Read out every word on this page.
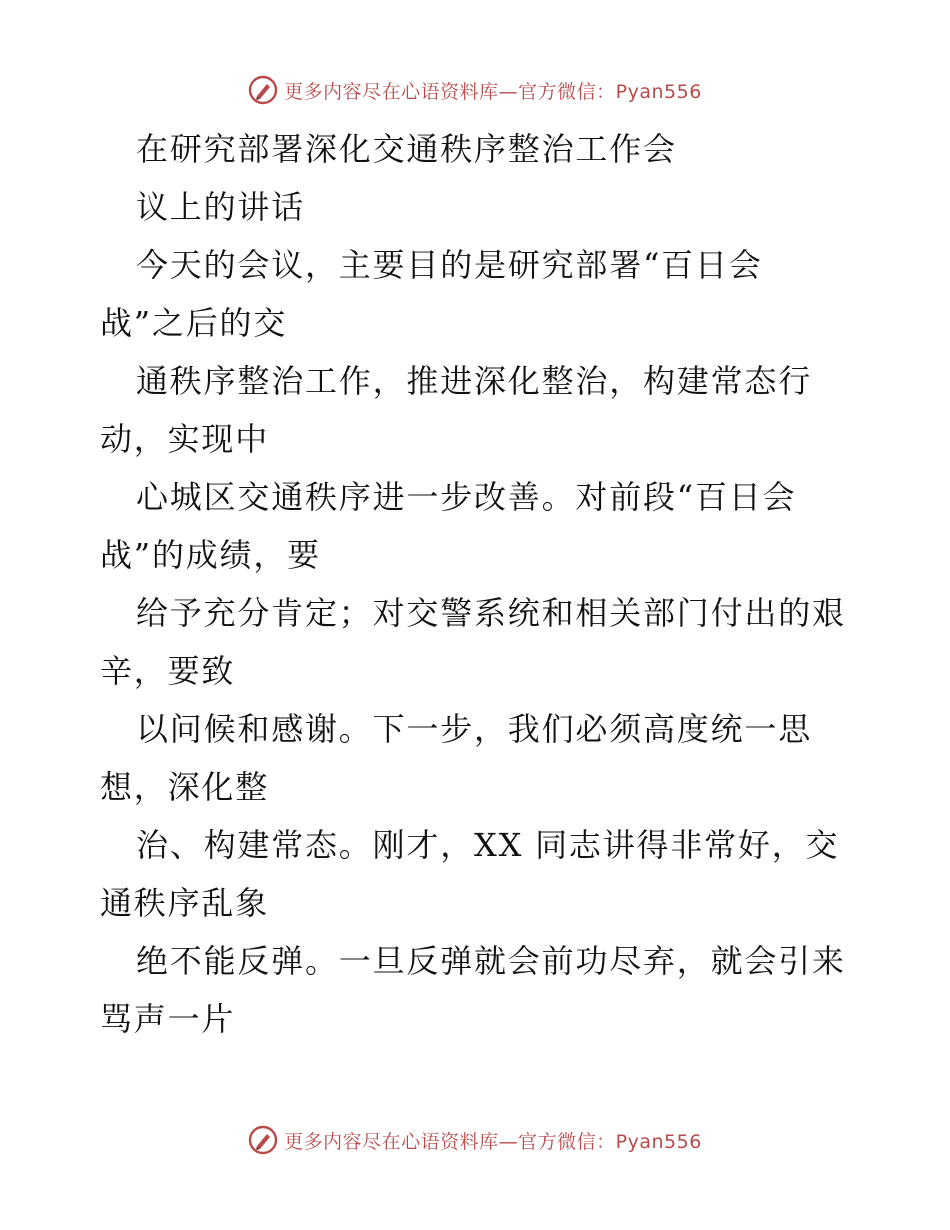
更多内容尽在心语资料库—官方微信：Pyan556
在研究部署深化交通秩序整治工作会
议上的讲话
今天的会议，主要目的是研究部署“百日会
战”之后的交
通秩序整治工作，推进深化整治，构建常态行
动，实现中
心城区交通秩序进一步改善。对前段“百日会
战”的成绩，要
给予充分肯定；对交警系统和相关部门付出的艰
辛，要致
以问候和感谢。下一步，我们必须高度统一思
想，深化整
治、构建常态。刚才，XX 同志讲得非常好，交
通秩序乱象
绝不能反弹。一旦反弹就会前功尽弃，就会引来
骂声一片
更多内容尽在心语资料库—官方微信：Pyan556
